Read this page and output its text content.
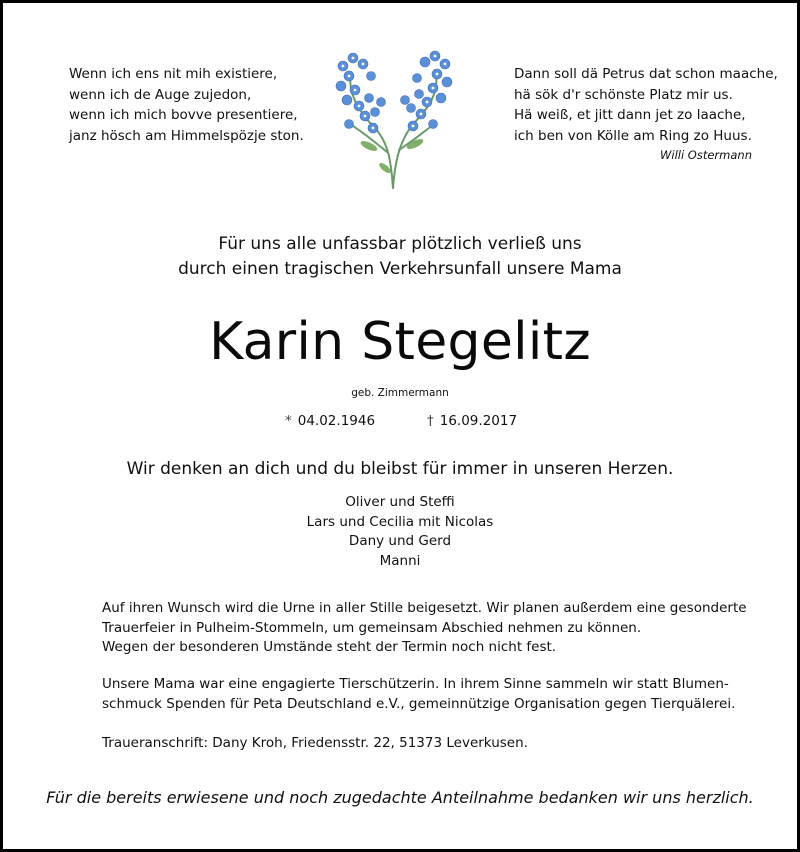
Wenn ich ens nit mih existiere,
wenn ich de Auge zujedon,
wenn ich mich bovve presentiere,
janz hösch am Himmelspözje ston.
Dann soll dä Petrus dat schon maache,
hä sök d'r schönste Platz mir us.
Hä weiß, et jitt dann jet zo laache,
ich ben von Kölle am Ring zo Huus.
Willi Ostermann
Für uns alle unfassbar plötzlich verließ uns
durch einen tragischen Verkehrsunfall unsere Mama
Karin Stegelitz
geb. Zimmermann
* 04.02.1946	† 16.09.2017
Wir denken an dich und du bleibst für immer in unseren Herzen.
Oliver und Steffi
Lars und Cecilia mit Nicolas
Dany und Gerd
Manni
Auf ihren Wunsch wird die Urne in aller Stille beigesetzt. Wir planen außerdem eine gesonderte
Trauerfeier in Pulheim-Stommeln, um gemeinsam Abschied nehmen zu können.
Wegen der besonderen Umstände steht der Termin noch nicht fest.
Unsere Mama war eine engagierte Tierschützerin. In ihrem Sinne sammeln wir statt Blumen-
schmuck Spenden für Peta Deutschland e.V., gemeinnützige Organisation gegen Tierquälerei.
Traueranschrift: Dany Kroh, Friedensstr. 22, 51373 Leverkusen.
Für die bereits erwiesene und noch zugedachte Anteilnahme bedanken wir uns herzlich.
